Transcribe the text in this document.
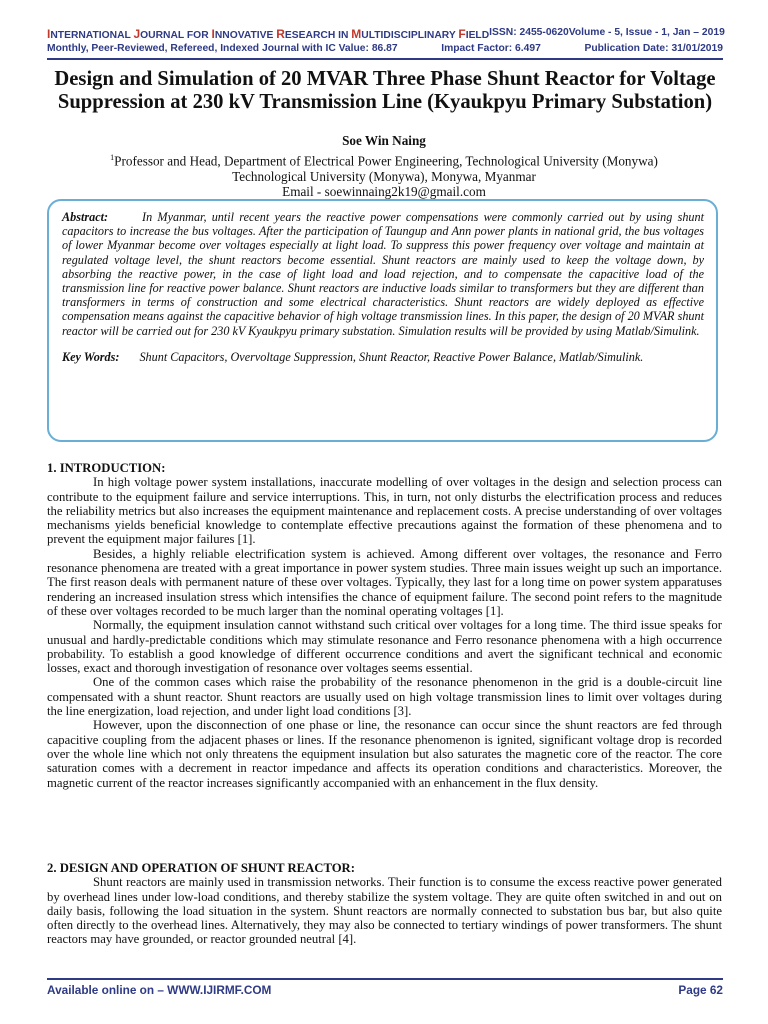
INTERNATIONAL JOURNAL FOR INNOVATIVE RESEARCH IN MULTIDISCIPLINARY FIELD ISSN: 2455-0620 Volume - 5, Issue - 1, Jan – 2019
Monthly, Peer-Reviewed, Refereed, Indexed Journal with IC Value: 86.87	Impact Factor: 6.497	Publication Date: 31/01/2019
Design and Simulation of 20 MVAR Three Phase Shunt Reactor for Voltage Suppression at 230 kV Transmission Line (Kyaukpyu Primary Substation)
Soe Win Naing
$^1$Professor and Head, Department of Electrical Power Engineering, Technological University (Monywa)
Technological University (Monywa), Monywa, Myanmar
Email - soewinnaing2k19@gmail.com
Abstract:	In Myanmar, until recent years the reactive power compensations were commonly carried out by using shunt capacitors to increase the bus voltages. After the participation of Taungup and Ann power plants in national grid, the bus voltages of lower Myanmar become over voltages especially at light load. To suppress this power frequency over voltage and maintain at regulated voltage level, the shunt reactors become essential. Shunt reactors are mainly used to keep the voltage down, by absorbing the reactive power, in the case of light load and load rejection, and to compensate the capacitive load of the transmission line for reactive power balance. Shunt reactors are inductive loads similar to transformers but they are different than transformers in terms of construction and some electrical characteristics. Shunt reactors are widely deployed as effective compensation means against the capacitive behavior of high voltage transmission lines. In this paper, the design of 20 MVAR shunt reactor will be carried out for 230 kV Kyaukpyu primary substation. Simulation results will be provided by using Matlab/Simulink.
Key Words: Shunt Capacitors, Overvoltage Suppression, Shunt Reactor, Reactive Power Balance, Matlab/Simulink.
1. INTRODUCTION:

In high voltage power system installations, inaccurate modelling of over voltages in the design and selection process can contribute to the equipment failure and service interruptions. This, in turn, not only disturbs the electrification process and reduces the reliability metrics but also increases the equipment maintenance and replacement costs. A precise understanding of over voltages mechanisms yields beneficial knowledge to contemplate effective precautions against the formation of these phenomena and to prevent the equipment major failures [1].

Besides, a highly reliable electrification system is achieved. Among different over voltages, the resonance and Ferro resonance phenomena are treated with a great importance in power system studies. Three main issues weight up such an importance. The first reason deals with permanent nature of these over voltages. Typically, they last for a long time on power system apparatuses rendering an increased insulation stress which intensifies the chance of equipment failure. The second point refers to the magnitude of these over voltages recorded to be much larger than the nominal operating voltages [1].

Normally, the equipment insulation cannot withstand such critical over voltages for a long time. The third issue speaks for unusual and hardly-predictable conditions which may stimulate resonance and Ferro resonance phenomena with a high occurrence probability. To establish a good knowledge of different occurrence conditions and avert the significant technical and economic losses, exact and thorough investigation of resonance over voltages seems essential.

One of the common cases which raise the probability of the resonance phenomenon in the grid is a double-circuit line compensated with a shunt reactor. Shunt reactors are usually used on high voltage transmission lines to limit over voltages during the line energization, load rejection, and under light load conditions [3].

However, upon the disconnection of one phase or line, the resonance can occur since the shunt reactors are fed through capacitive coupling from the adjacent phases or lines. If the resonance phenomenon is ignited, significant voltage drop is recorded over the whole line which not only threatens the equipment insulation but also saturates the magnetic core of the reactor. The core saturation comes with a decrement in reactor impedance and affects its operation conditions and characteristics. Moreover, the magnetic current of the reactor increases significantly accompanied with an enhancement in the flux density.

2. DESIGN AND OPERATION OF SHUNT REACTOR:

Shunt reactors are mainly used in transmission networks. Their function is to consume the excess reactive power generated by overhead lines under low-load conditions, and thereby stabilize the system voltage. They are quite often switched in and out on daily basis, following the load situation in the system. Shunt reactors are normally connected to substation bus bar, but also quite often directly to the overhead lines. Alternatively, they may also be connected to tertiary windings of power transformers. The shunt reactors may have grounded, or reactor grounded neutral [4].

Available online on – WWW.IJIRMF.COM	Page 62
